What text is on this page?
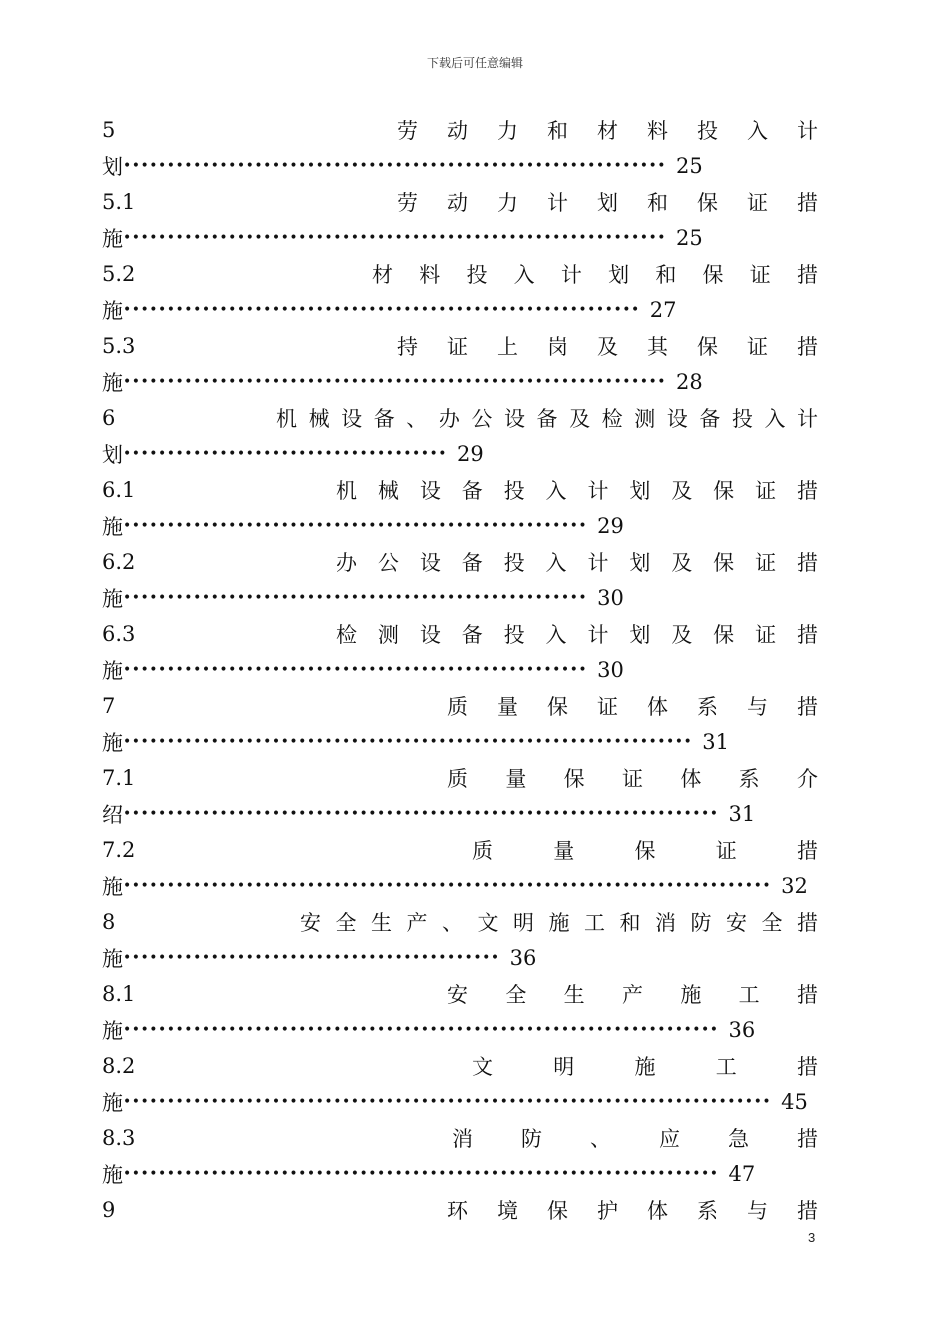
下载后可任意编辑
5	劳 动 力 和 材 料 投 入 计
划 •••••••••••••••••••••••••••••••••••••••••••••••••••••••••••••• 25
5.1	劳 动 力 计 划 和 保 证 措
施 •••••••••••••••••••••••••••••••••••••••••••••••••••••••••••••• 25
5.2	材 料 投 入 计 划 和 保 证 措
施 ••••••••••••••••••••••••••••••••••••••••••••••••••••••••••• 27
5.3	持 证 上 岗 及 其 保 证 措
施 •••••••••••••••••••••••••••••••••••••••••••••••••••••••••••••• 28
6	机 械 设 备 、 办 公 设 备 及 检 测 设 备 投 入 计
划 ••••••••••••••••••••••••••••••••••••• 29
6.1	机 械 设 备 投 入 计 划 及 保 证 措
施 ••••••••••••••••••••••••••••••••••••••••••••••••••••• 29
6.2	办 公 设 备 投 入 计 划 及 保 证 措
施 ••••••••••••••••••••••••••••••••••••••••••••••••••••• 30
6.3	检 测 设 备 投 入 计 划 及 保 证 措
施 ••••••••••••••••••••••••••••••••••••••••••••••••••••• 30
7	质 量 保 证 体 系 与 措
施 ••••••••••••••••••••••••••••••••••••••••••••••••••••••••••••••••• 31
7.1	质 量 保 证 体 系 介
绍 •••••••••••••••••••••••••••••••••••••••••••••••••••••••••••••••••••• 31
7.2	质	量	保	证	措
施 •••••••••••••••••••••••••••••••••••••••••••••••••••••••••••••••••••••••••• 32
8	安 全 生 产 、 文 明 施 工 和 消 防 安 全 措
施 ••••••••••••••••••••••••••••••••••••••••••• 36
8.1	安 全 生 产 施 工 措
施 •••••••••••••••••••••••••••••••••••••••••••••••••••••••••••••••••••• 36
8.2	文	明	施	工	措
施 •••••••••••••••••••••••••••••••••••••••••••••••••••••••••••••••••••••••••• 45
8.3	消 防 、 应 急 措
施 •••••••••••••••••••••••••••••••••••••••••••••••••••••••••••••••••••• 47
9	环 境 保 护 体 系 与 措
3
